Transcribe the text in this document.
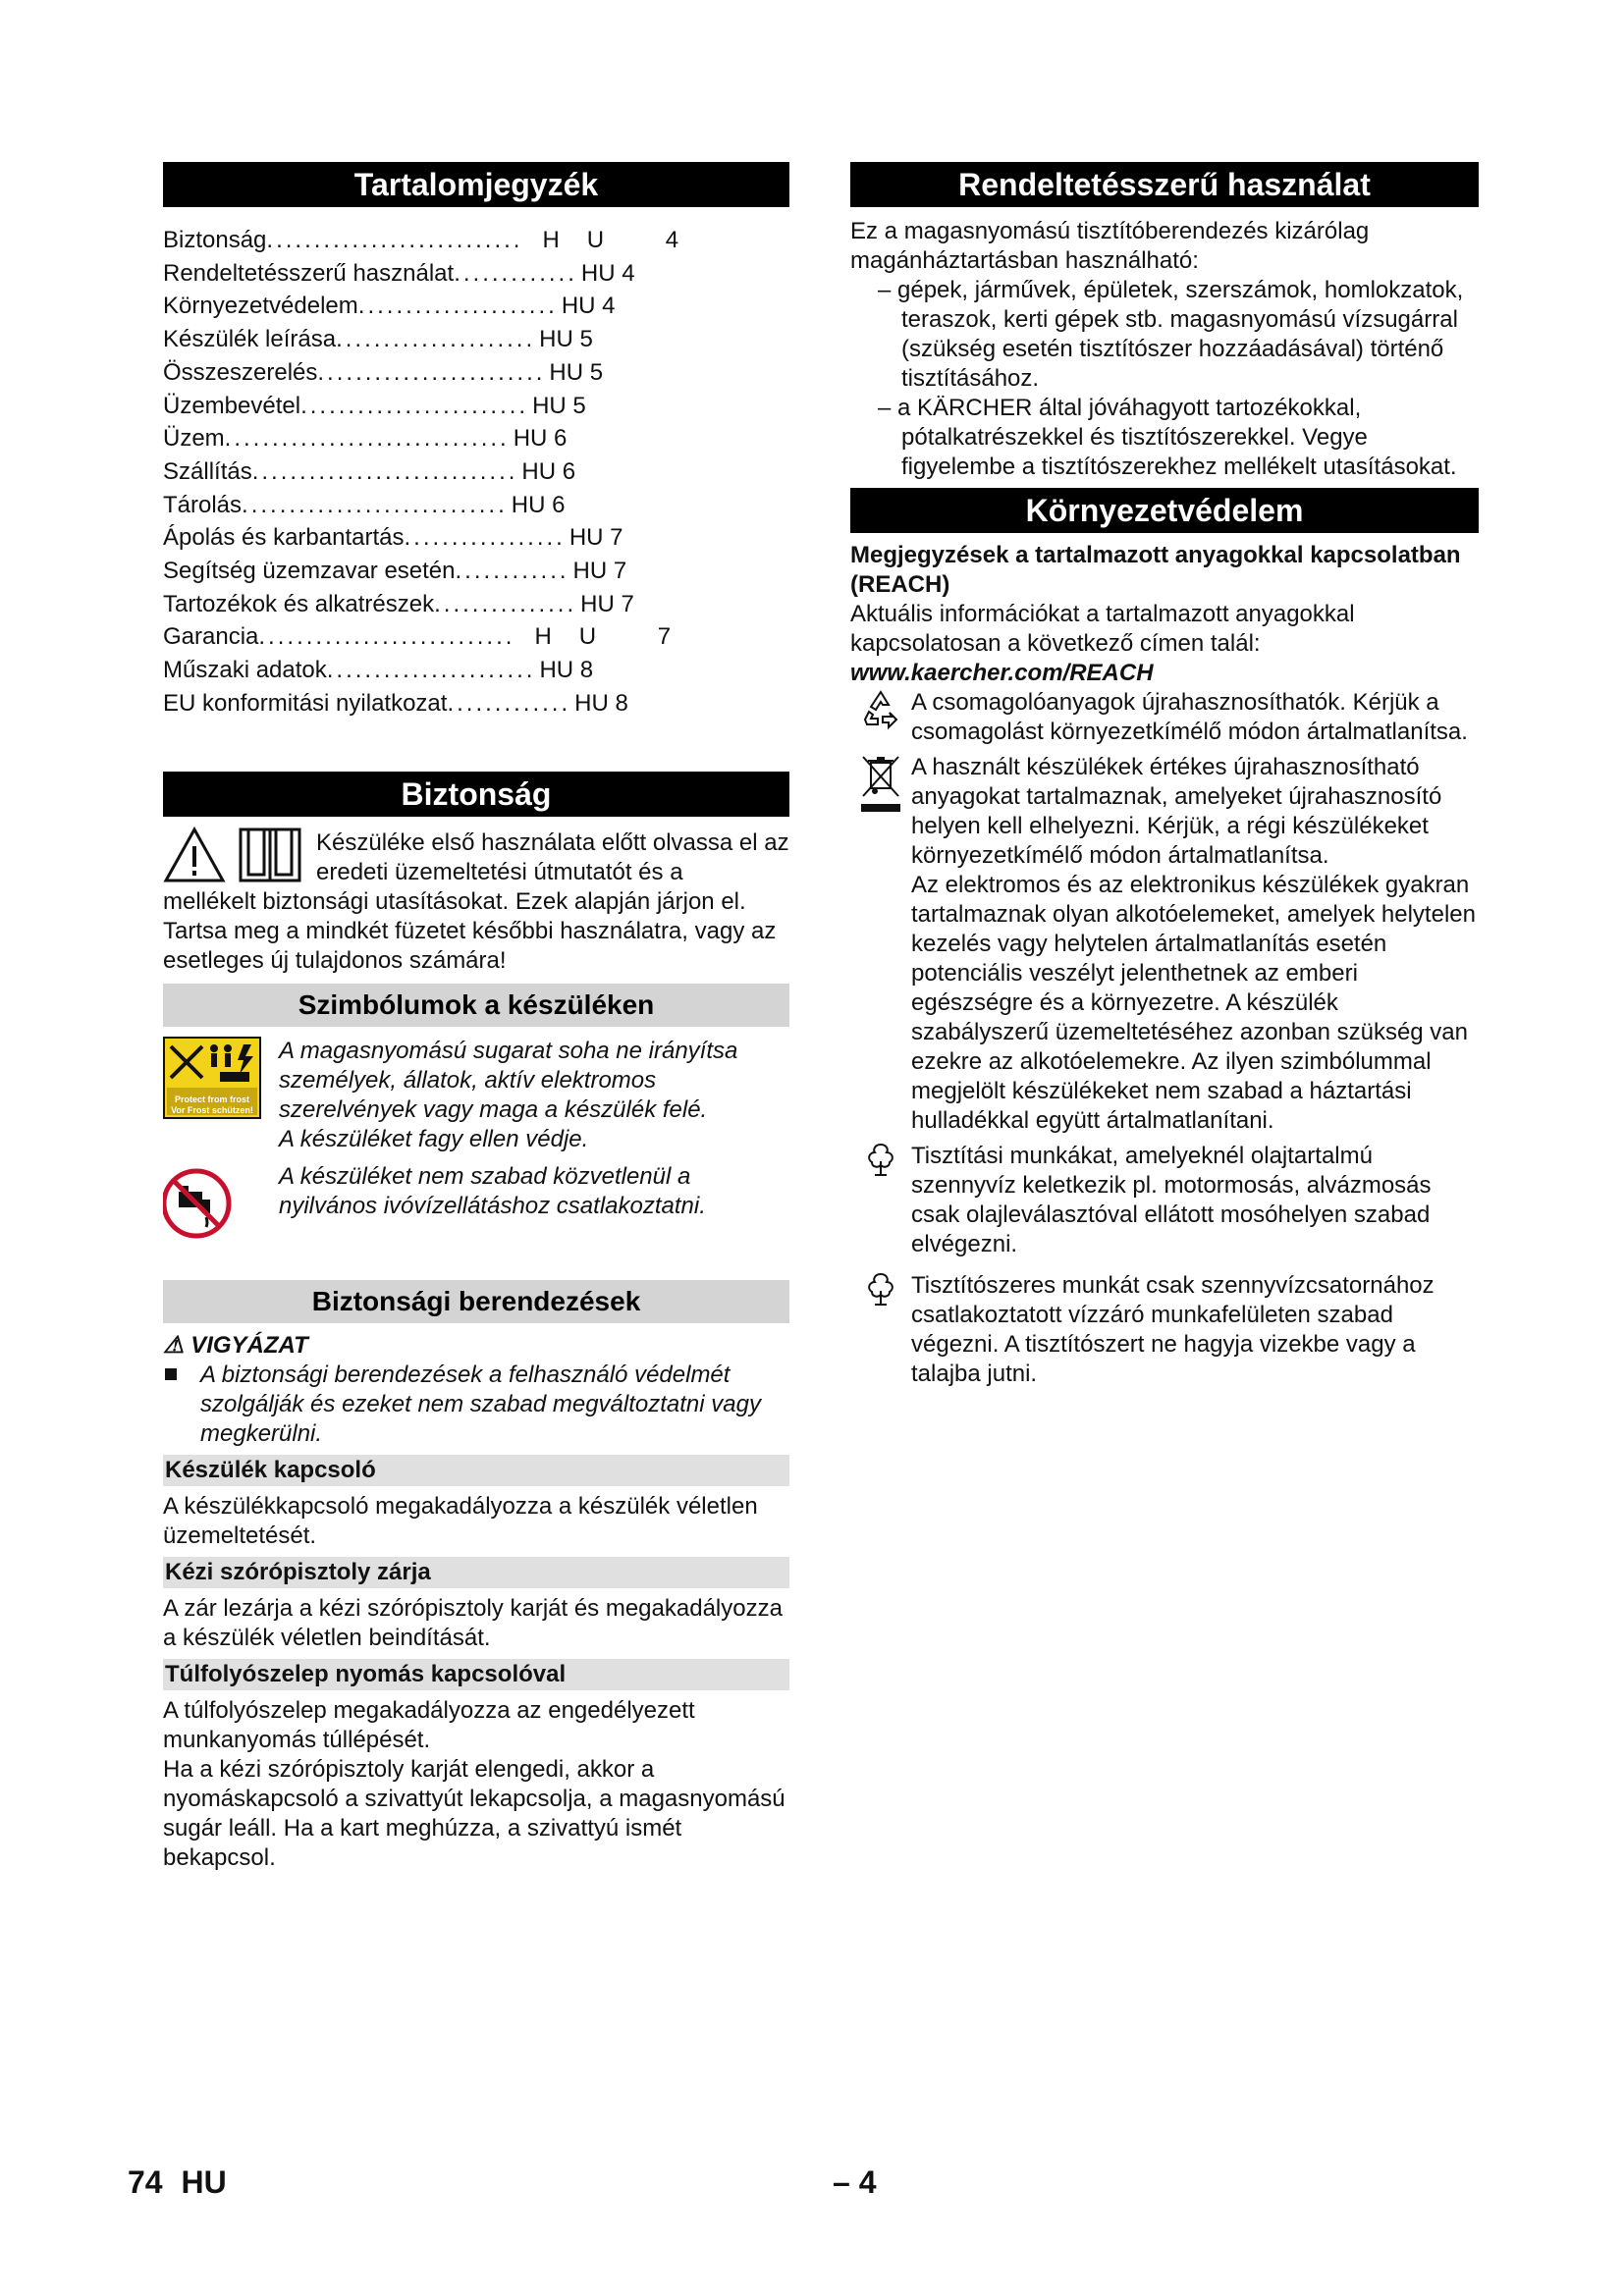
Tartalomjegyzék
Biztonság ........................... HU 4
Rendeltetésszerű használat ............. HU 4
Környezetvédelem ..................... HU 4
Készülék leírása ..................... HU 5
Összeszerelés ........................ HU 5
Üzembevétel ........................ HU 5
Üzem .............................. HU 6
Szállítás ............................ HU 6
Tárolás ............................ HU 6
Ápolás és karbantartás ................. HU 7
Segítség üzemzavar esetén ............ HU 7
Tartozékok és alkatrészek ............... HU 7
Garancia ........................... HU 7
Műszaki adatok ...................... HU 8
EU konformitási nyilatkozat ............. HU 8
Biztonság

Készüléke első használata előtt olvassa el az eredeti üzemeltetési útmutatót és a

mellékelt biztonsági utasításokat. Ezek alapján járjon el. Tartsa meg a mindkét füzetet későbbi használatra, vagy az esetleges új tulajdonos számára!

Szimbólumok a készüléken
Protect from frost
Vor Frost schützen!

A magasnyomású sugarat soha ne irányítsa személyek, állatok, aktív elektromos szerelvények vagy maga a készülék felé.

A készüléket fagy ellen védje.

A készüléket nem szabad közvetlenül a nyilvános ivóvízellátáshoz csatlakoztatni.

Biztonsági berendezések

⚠ VIGYÁZAT

A biztonsági berendezések a felhasználó védelmét szolgálják és ezeket nem szabad megváltoztatni vagy megkerülni.

Készülék kapcsoló

A készülékkapcsoló megakadályozza a készülék véletlen üzemeltetését.

Kézi szórópisztoly zárja

A zár lezárja a kézi szórópisztoly karját és megakadályozza a készülék véletlen beindítását.

Túlfolyószelep nyomás kapcsolóval

A túlfolyószelep megakadályozza az engedélyezett munkanyomás túllépését.

Ha a kézi szórópisztoly karját elengedi, akkor a nyomáskapcsoló a szivattyút lekapcsolja, a magasnyomású sugár leáll. Ha a kart meghúzza, a szivattyú ismét bekapcsol.

Rendeltetésszerű használat

Ez a magasnyomású tisztítóberendezés kizárólag magánháztartásban használható:

– gépek, járművek, épületek, szerszámok, homlokzatok, teraszok, kerti gépek stb. magasnyomású vízsugárral (szükség esetén tisztítószer hozzáadásával) történő tisztításához.

– a KÄRCHER által jóváhagyott tartozékokkal, pótalkatrészekkel és tisztítószerekkel. Vegye figyelembe a tisztítószerekhez mellékelt utasításokat.

Környezetvédelem

Megjegyzések a tartalmazott anyagokkal kapcsolatban (REACH)

Aktuális információkat a tartalmazott anyagokkal kapcsolatosan a következő címen talál:

www.kaercher.com/REACH

A csomagolóanyagok újrahasznosíthatók. Kérjük a csomagolást környezetkímélő módon ártalmatlanítsa.

A használt készülékek értékes újrahasznosítható anyagokat tartalmaznak, amelyeket újrahasznosító helyen kell elhelyezni. Kérjük, a régi készülékeket környezetkímélő módon ártalmatlanítsa.

Az elektromos és az elektronikus készülékek gyakran tartalmaznak olyan alkotóelemeket, amelyek helytelen kezelés vagy helytelen ártalmatlanítás esetén potenciális veszélyt jelenthetnek az emberi egészségre és a környezetre. A készülék szabályszerű üzemeltetéséhez azonban szükség van ezekre az alkotóelemekre. Az ilyen szimbólummal megjelölt készülékeket nem szabad a háztartási hulladékkal együtt ártalmatlanítani.

Tisztítási munkákat, amelyeknél olajtartalmú szennyvíz keletkezik pl. motormosás, alvázmosás csak olajleválasztóval ellátott mosóhelyen szabad elvégezni.

Tisztítószeres munkát csak szennyvízcsatornához csatlakoztatott vízzáró munkafelületen szabad végezni. A tisztítószert ne hagyja vizekbe vagy a talajba jutni.

74 HU	– 4
